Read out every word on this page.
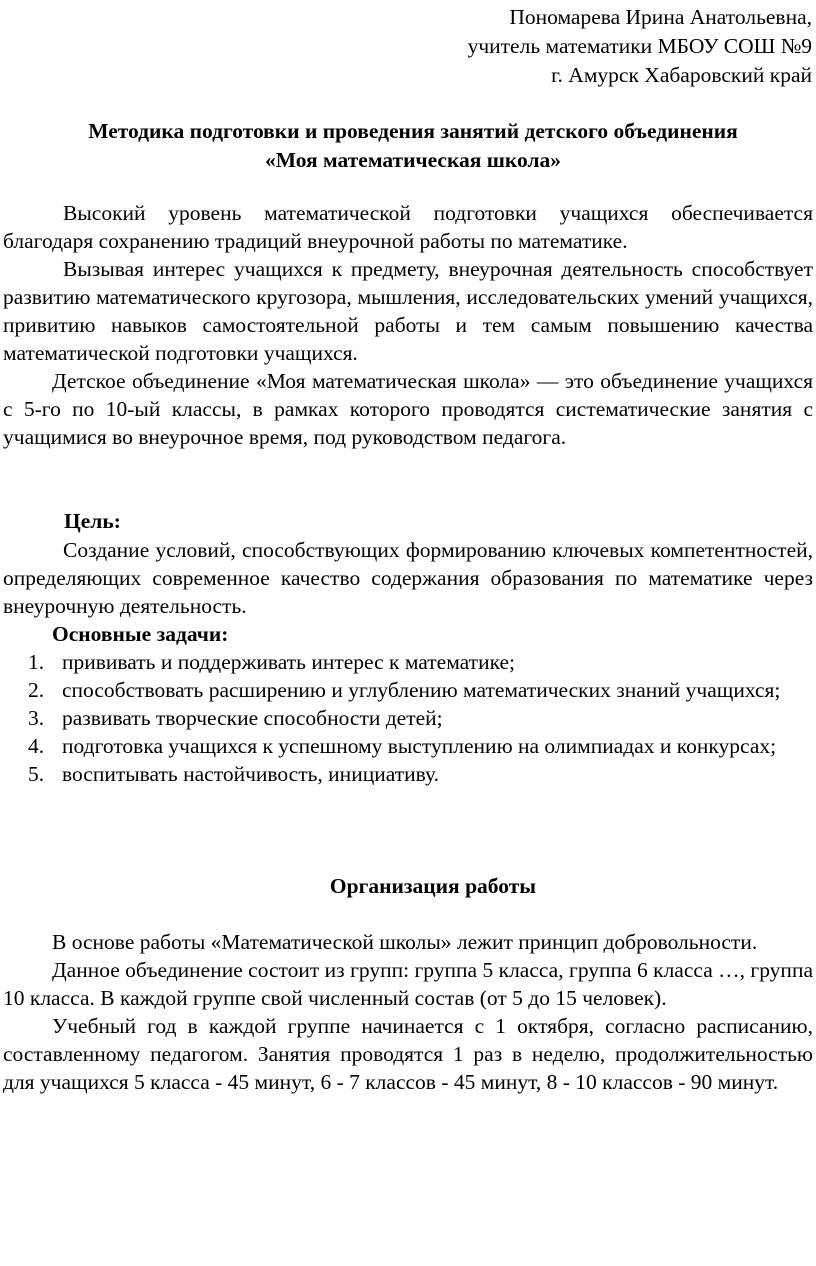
Пономарева Ирина Анатольевна,
учитель математики МБОУ СОШ №9
г. Амурск Хабаровский край
Методика подготовки и проведения занятий детского объединения
«Моя математическая школа»

Высокий уровень математической подготовки учащихся обеспечивается благодаря сохранению традиций внеурочной работы по математике.

Вызывая интерес учащихся к предмету, внеурочная деятельность способствует развитию математического кругозора, мышления, исследовательских умений учащихся, привитию навыков самостоятельной работы и тем самым повышению качества математической подготовки учащихся.

Детское объединение «Моя математическая школа» — это объединение учащихся с 5-го по 10-ый классы, в рамках которого проводятся систематические занятия с учащимися во внеурочное время, под руководством педагога.

Цель:

Создание условий, способствующих формированию ключевых компетентностей, определяющих современное качество содержания образования по математике через внеурочную деятельность.

Основные задачи:
1. прививать и поддерживать интерес к математике;
2. способствовать расширению и углублению математических знаний учащихся;
3. развивать творческие способности детей;
4. подготовка учащихся к успешному выступлению на олимпиадах и конкурсах;
5. воспитывать настойчивость, инициативу.
Организация работы

В основе работы «Математической школы» лежит принцип добровольности.

Данное объединение состоит из групп: группа 5 класса, группа 6 класса …, группа 10 класса. В каждой группе свой численный состав (от 5 до 15 человек).

Учебный год в каждой группе начинается с 1 октября, согласно расписанию, составленному педагогом. Занятия проводятся 1 раз в неделю, продолжительностью для учащихся 5 класса - 45 минут, 6 - 7 классов - 45 минут, 8 - 10 классов - 90 минут.
